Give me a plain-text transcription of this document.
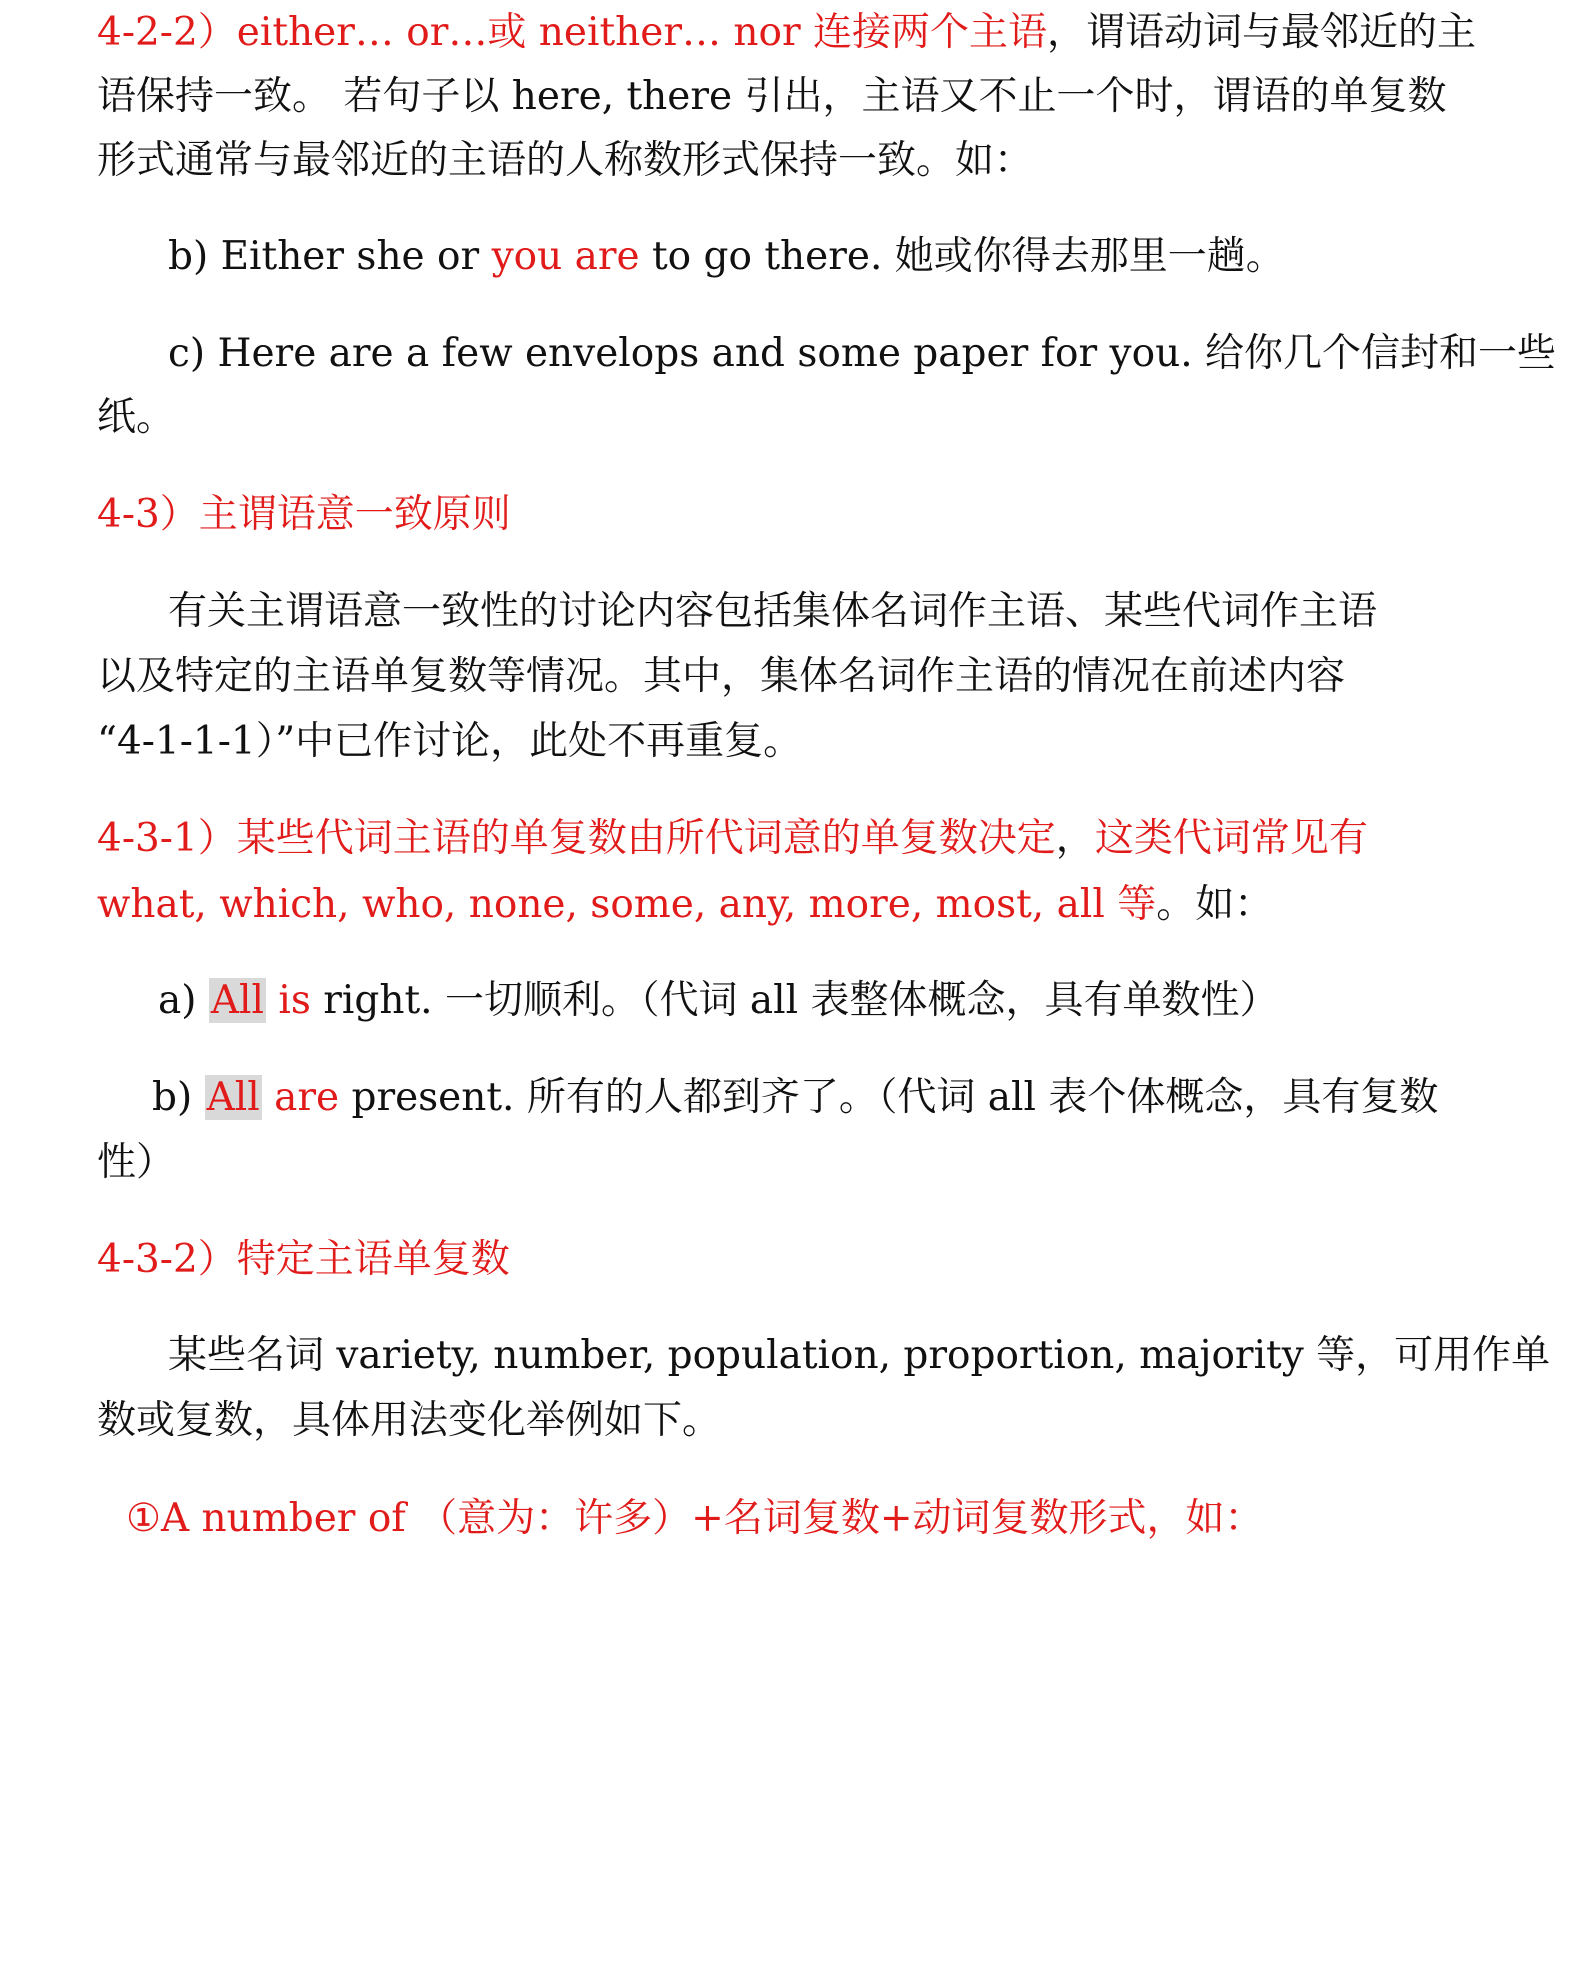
4-2-2）either… or…或 neither… nor 连接两个主语，谓语动词与最邻近的主
语保持一致。 若句子以 here, there 引出，主语又不止一个时，谓语的单复数
形式通常与最邻近的主语的人称数形式保持一致。如：
b) Either she or you are to go there. 她或你得去那里一趟。
c) Here are a few envelops and some paper for you. 给你几个信封和一些
纸。
4-3）主谓语意一致原则
有关主谓语意一致性的讨论内容包括集体名词作主语、某些代词作主语
以及特定的主语单复数等情况。其中，集体名词作主语的情况在前述内容
“4-1-1-1）”中已作讨论，此处不再重复。
4-3-1）某些代词主语的单复数由所代词意的单复数决定，这类代词常见有
what, which, who, none, some, any, more, most, all 等。如：
a) All is right. 一切顺利。（代词 all 表整体概念，具有单数性）
b) All are present. 所有的人都到齐了。（代词 all 表个体概念，具有复数
性）
4-3-2）特定主语单复数
某些名词 variety, number, population, proportion, majority 等，可用作单
数或复数，具体用法变化举例如下。
①A number of （意为：许多）+名词复数+动词复数形式，如：
